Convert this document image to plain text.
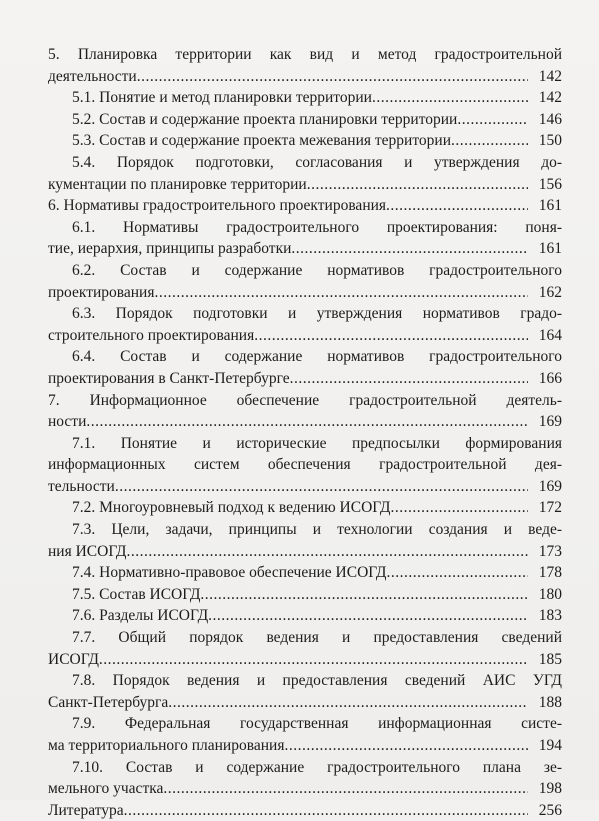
5. Планировка территории как вид и метод градостроительной
деятельности .....	142
5.1. Понятие и метод планировки территории .....	142
5.2. Состав и содержание проекта планировки территории .....	146
5.3. Состав и содержание проекта межевания территории .....	150
5.4. Порядок подготовки, согласования и утверждения до-
кументации по планировке территории .....	156
6. Нормативы градостроительного проектирования .....	161
6.1. Нормативы градостроительного проектирования: поня-
тие, иерархия, принципы разработки .....	161
6.2. Состав и содержание нормативов градостроительного
проектирования .....	162
6.3. Порядок подготовки и утверждения нормативов градо-
строительного проектирования .....	164
6.4. Состав и содержание нормативов градостроительного
проектирования в Санкт-Петербурге .....	166
7. Информационное обеспечение градостроительной деятель-
ности .....	169
7.1. Понятие и исторические предпосылки формирования
информационных систем обеспечения градостроительной дея-
тельности .....	169
7.2. Многоуровневый подход к ведению ИСОГД .....	172
7.3. Цели, задачи, принципы и технологии создания и веде-
ния ИСОГД .....	173
7.4. Нормативно-правовое обеспечение ИСОГД .....	178
7.5. Состав ИСОГД .....	180
7.6. Разделы ИСОГД .....	183
7.7. Общий порядок ведения и предоставления сведений
ИСОГД .....	185
7.8. Порядок ведения и предоставления сведений АИС УГД
Санкт-Петербурга .....	188
7.9. Федеральная государственная информационная систе-
ма территориального планирования .....	194
7.10. Состав и содержание градостроительного плана зе-
мельного участка .....	198
Литература .....	256
